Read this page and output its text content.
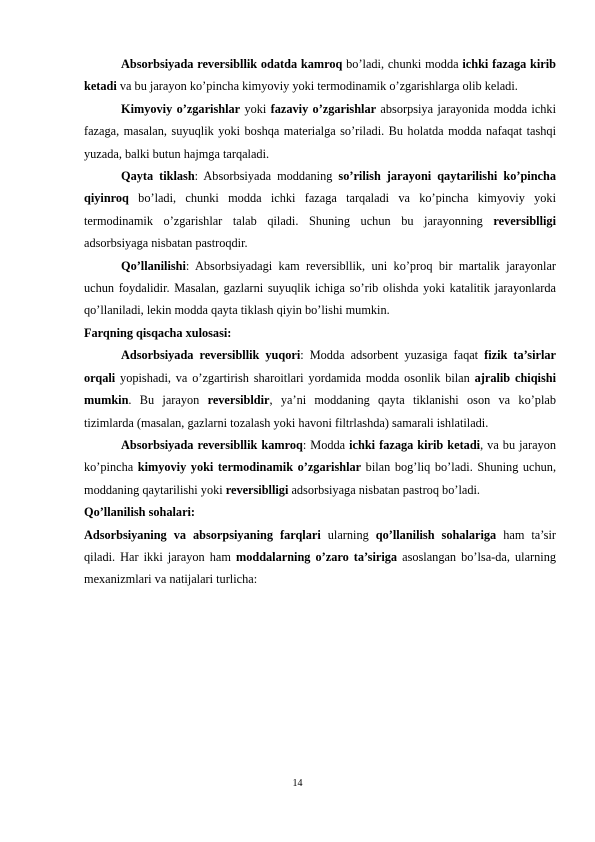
Absorbsiyada reversibllik odatda kamroq bo’ladi, chunki modda ichki fazaga kirib ketadi va bu jarayon ko’pincha kimyoviy yoki termodinamik o’zgarishlarga olib keladi.

Kimyoviy o’zgarishlar yoki fazaviy o’zgarishlar absorpsiya jarayonida modda ichki fazaga, masalan, suyuqlik yoki boshqa materialga so’riladi. Bu holatda modda nafaqat tashqi yuzada, balki butun hajmga tarqaladi.

Qayta tiklash: Absorbsiyada moddaning so’rilish jarayoni qaytarilishi ko’pincha qiyinroq bo’ladi, chunki modda ichki fazaga tarqaladi va ko’pincha kimyoviy yoki termodinamik o’zgarishlar talab qiladi. Shuning uchun bu jarayonning reversiblligi adsorbsiyaga nisbatan pastroqdir.

Qo’llanilishi: Absorbsiyadagi kam reversibllik, uni ko’proq bir martalik jarayonlar uchun foydalidir. Masalan, gazlarni suyuqlik ichiga so’rib olishda yoki katalitik jarayonlarda qo’llaniladi, lekin modda qayta tiklash qiyin bo’lishi mumkin.

Farqning qisqacha xulosasi:

Adsorbsiyada reversibllik yuqori: Modda adsorbent yuzasiga faqat fizik ta’sirlar orqali yopishadi, va o’zgartirish sharoitlari yordamida modda osonlik bilan ajralib chiqishi mumkin. Bu jarayon reversibldir, ya’ni moddaning qayta tiklanishi oson va ko’plab tizimlarda (masalan, gazlarni tozalash yoki havoni filtrlashda) samarali ishlatiladi.

Absorbsiyada reversibllik kamroq: Modda ichki fazaga kirib ketadi, va bu jarayon ko’pincha kimyoviy yoki termodinamik o’zgarishlar bilan bog’liq bo’ladi. Shuning uchun, moddaning qaytarilishi yoki reversiblligi adsorbsiyaga nisbatan pastroq bo’ladi.

Qo’llanilish sohalari:

Adsorbsiyaning va absorpsiyaning farqlari ularning qo’llanilish sohalariga ham ta’sir qiladi. Har ikki jarayon ham moddalarning o’zaro ta’siriga asoslangan bo’lsa-da, ularning mexanizmlari va natijalari turlicha:

14
